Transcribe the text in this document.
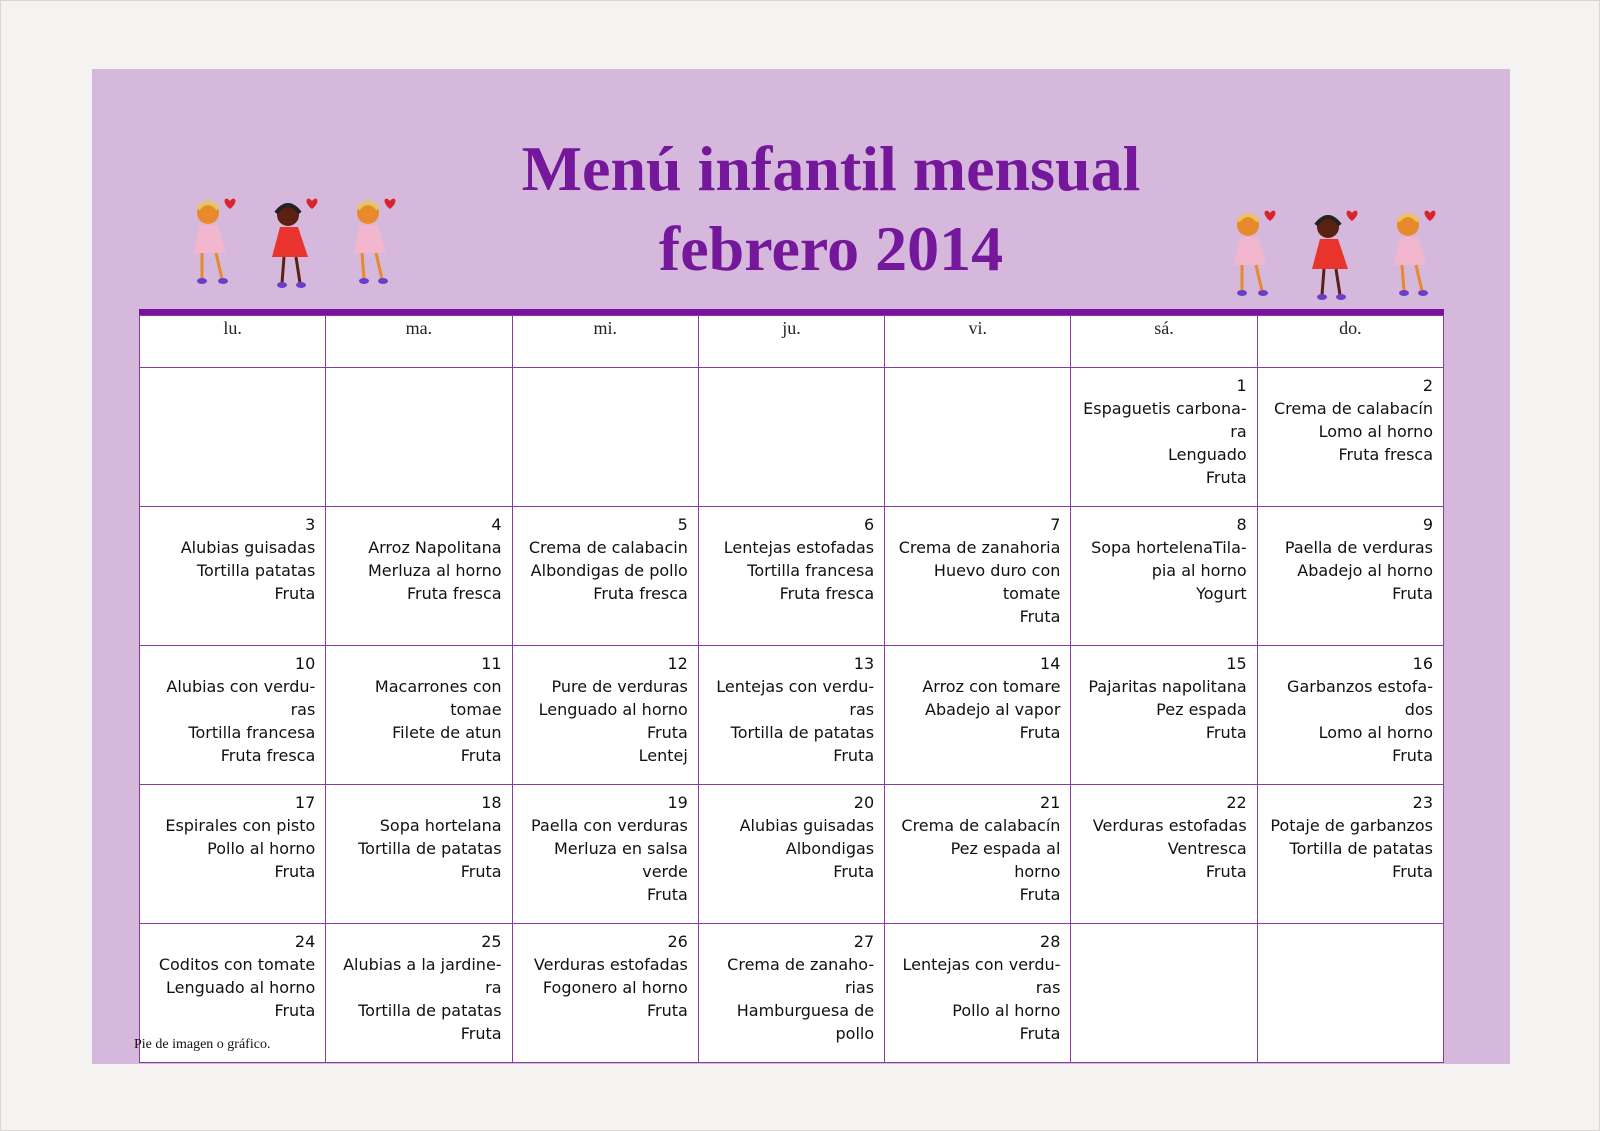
Menú infantil mensual
febrero 2014
lu.	ma.	mi.	ju.	vi.	sá.	do.

					1
Espaguetis carbona-
ra
Lenguado
Fruta	2
Crema de calabacín
Lomo al horno
Fruta fresca

3
Alubias guisadas
Tortilla patatas
Fruta	4
Arroz Napolitana
Merluza al horno
Fruta fresca	5
Crema de calabacin
Albondigas de pollo
Fruta fresca	6
Lentejas estofadas
Tortilla francesa
Fruta fresca	7
Crema de zanahoria
Huevo duro con
tomate
Fruta	8
Sopa hortelenaTila-
pia al horno
Yogurt	9
Paella de verduras
Abadejo al horno
Fruta

10
Alubias con verdu-
ras
Tortilla francesa
Fruta fresca	11
Macarrones con
tomae
Filete de atun
Fruta	12
Pure de verduras
Lenguado al horno
Fruta
Lentej	13
Lentejas con verdu-
ras
Tortilla de patatas
Fruta	14
Arroz con tomare
Abadejo al vapor
Fruta	15
Pajaritas napolitana
Pez espada
Fruta	16
Garbanzos estofa-
dos
Lomo al horno
Fruta

17
Espirales con pisto
Pollo al horno
Fruta	18
Sopa hortelana
Tortilla de patatas
Fruta	19
Paella con verduras
Merluza en salsa
verde
Fruta	20
Alubias guisadas
Albondigas
Fruta	21
Crema de calabacín
Pez espada al
horno
Fruta	22
Verduras estofadas
Ventresca
Fruta	23
Potaje de garbanzos
Tortilla de patatas
Fruta

24
Coditos con tomate
Lenguado al horno
Fruta	25
Alubias a la jardine-
ra
Tortilla de patatas
Fruta	26
Verduras estofadas
Fogonero al horno
Fruta	27
Crema de zanaho-
rias
Hamburguesa de
pollo	28
Lentejas con verdu-
ras
Pollo al horno
Fruta		

Pie de imagen o gráfico.
